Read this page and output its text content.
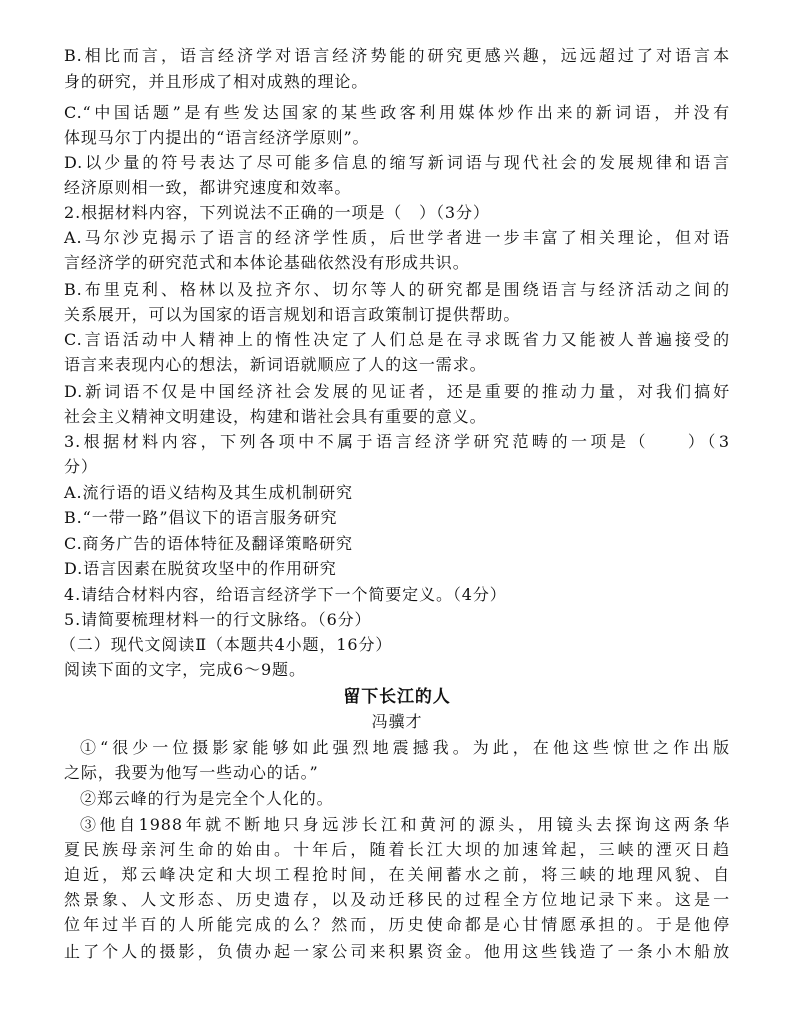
B.相比而言，语言经济学对语言经济势能的研究更感兴趣，远远超过了对语言本
身的研究，并且形成了相对成熟的理论。
C.“中国话题”是有些发达国家的某些政客利用媒体炒作出来的新词语，并没有
体现马尔丁内提出的“语言经济学原则”。
D.以少量的符号表达了尽可能多信息的缩写新词语与现代社会的发展规律和语言
经济原则相一致，都讲究速度和效率。
2.根据材料内容，下列说法不正确的一项是（　）（3分）
A.马尔沙克揭示了语言的经济学性质，后世学者进一步丰富了相关理论，但对语
言经济学的研究范式和本体论基础依然没有形成共识。
B.布里克利、格林以及拉齐尔、切尔等人的研究都是围绕语言与经济活动之间的
关系展开，可以为国家的语言规划和语言政策制订提供帮助。
C.言语活动中人精神上的惰性决定了人们总是在寻求既省力又能被人普遍接受的
语言来表现内心的想法，新词语就顺应了人的这一需求。
D.新词语不仅是中国经济社会发展的见证者，还是重要的推动力量，对我们搞好
社会主义精神文明建设，构建和谐社会具有重要的意义。
3.根据材料内容，下列各项中不属于语言经济学研究范畴的一项是（　　）（3
分）
A.流行语的语义结构及其生成机制研究
B.“一带一路”倡议下的语言服务研究
C.商务广告的语体特征及翻译策略研究
D.语言因素在脱贫攻坚中的作用研究
4.请结合材料内容，给语言经济学下一个简要定义。（4分）
5.请简要梳理材料一的行文脉络。（6分）
（二）现代文阅读Ⅱ（本题共4小题，16分）
阅读下面的文字，完成6～9题。
留下长江的人
冯骥才
①“很少一位摄影家能够如此强烈地震撼我。为此，在他这些惊世之作出版
之际，我要为他写一些动心的话。”
②郑云峰的行为是完全个人化的。
③他自1988年就不断地只身远涉长江和黄河的源头，用镜头去探询这两条华
夏民族母亲河生命的始由。十年后，随着长江大坝的加速耸起，三峡的湮灭日趋
迫近，郑云峰决定和大坝工程抢时间，在关闸蓄水之前，将三峡的地理风貌、自
然景象、人文形态、历史遗存，以及动迁移民的过程全方位地记录下来。这是一
位年过半百的人所能完成的么？然而，历史使命都是心甘情愿承担的。于是他停
止了个人的摄影，负债办起一家公司来积累资金。他用这些钱造了一条小木船放
